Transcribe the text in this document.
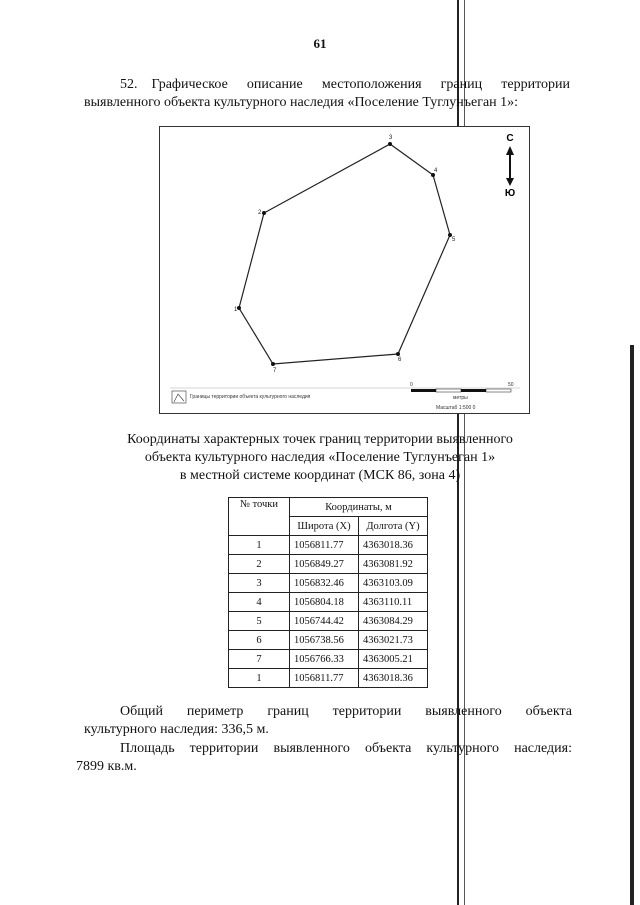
61
52. Графическое описание местоположения границ территории
выявленного объекта культурного наследия «Поселение Туглунъеган 1»:
1
2
3
4
5
6
7
С
Ю
Границы территории объекта культурного наследия
0	50
метры
Масштаб 1:500 0
Координаты характерных точек границ территории выявленного
объекта культурного наследия «Поселение Туглунъеган 1»
в местной системе координат (МСК 86, зона 4)
№ точки	Координаты, м	
	Широта (X)	Долгота (Y)
1	1056811.77	4363018.36
2	1056849.27	4363081.92
3	1056832.46	4363103.09
4	1056804.18	4363110.11
5	1056744.42	4363084.29
6	1056738.56	4363021.73
7	1056766.33	4363005.21
1	1056811.77	4363018.36
Общий периметр границ территории выявленного объекта
культурного наследия: 336,5 м.
Площадь территории выявленного объекта культурного наследия:
7899 кв.м.
